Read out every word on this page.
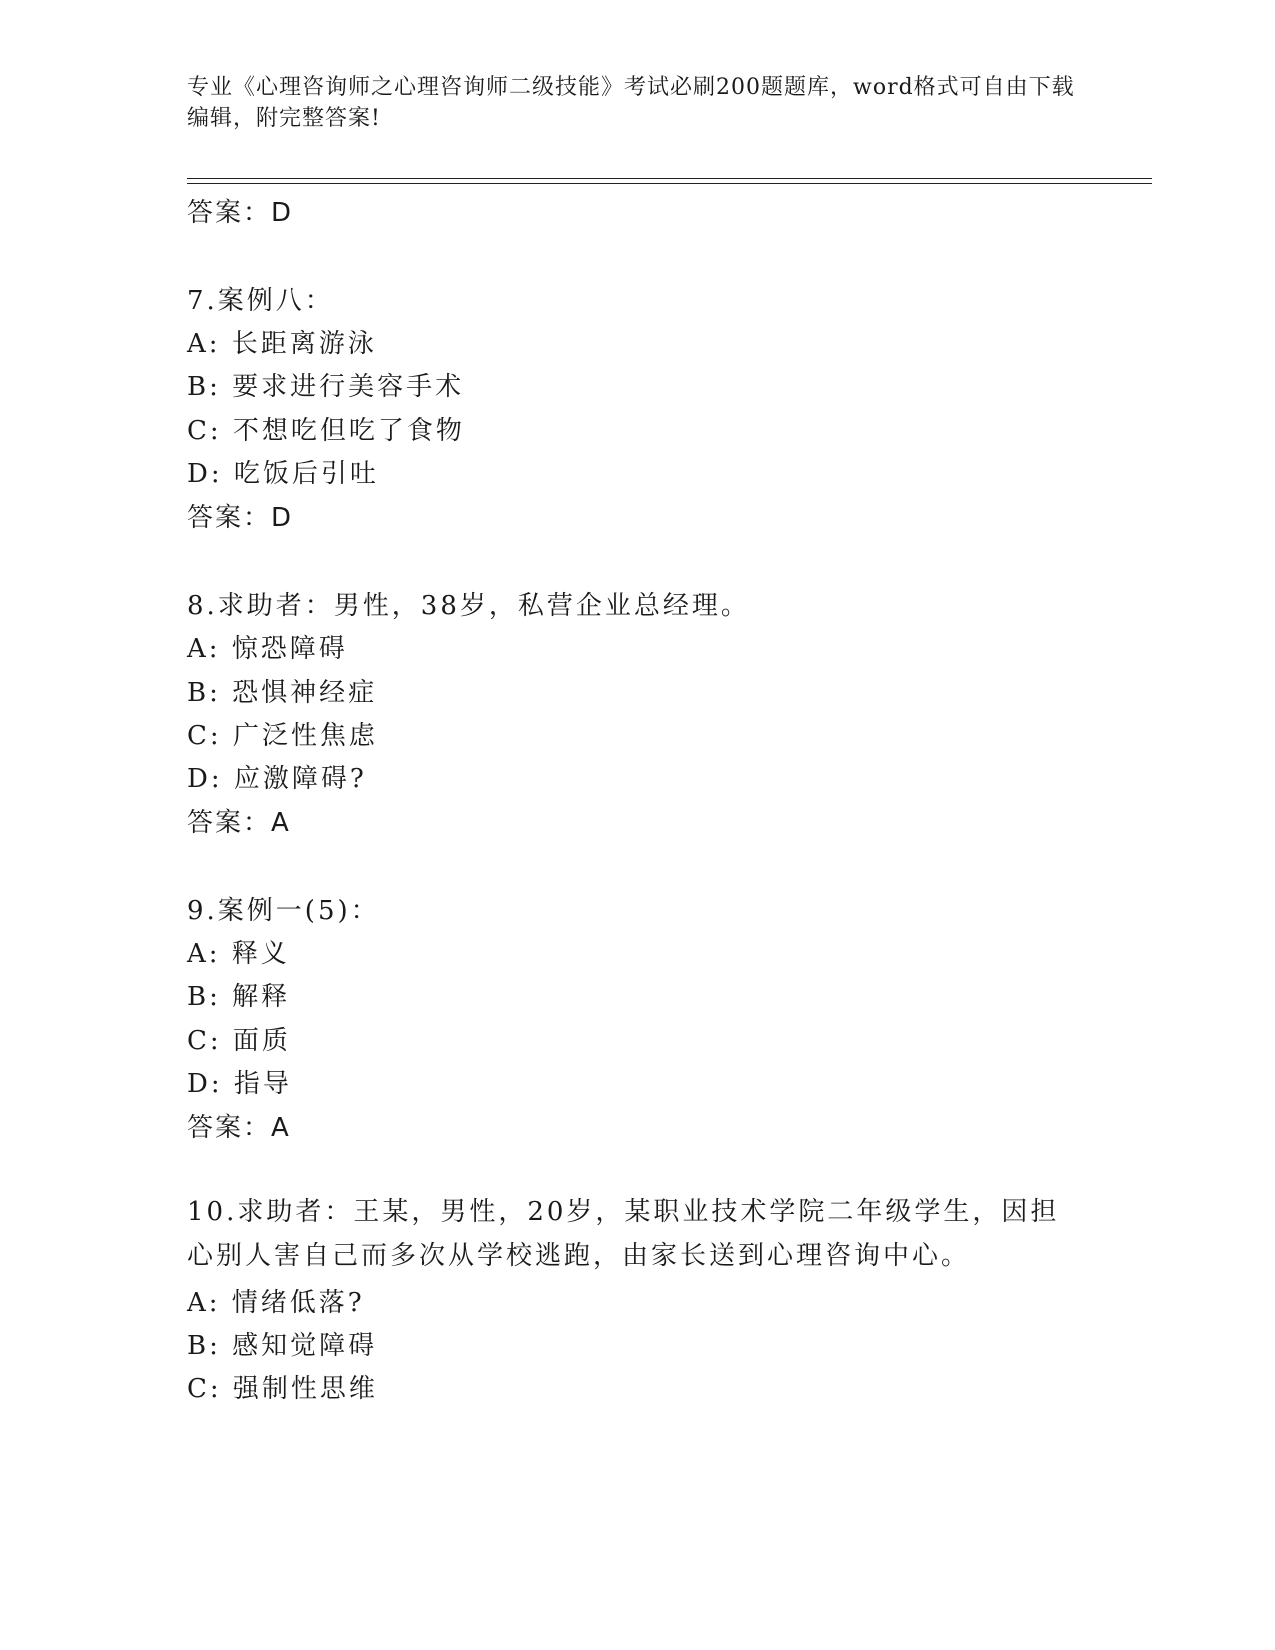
专业《心理咨询师之心理咨询师二级技能》考试必刷200题题库，word格式可自由下载编辑，附完整答案!
答案：D
7.案例八：
A: 长距离游泳
B: 要求进行美容手术
C: 不想吃但吃了食物
D: 吃饭后引吐
答案：D
8.求助者：男性，38岁，私营企业总经理。
A: 惊恐障碍
B: 恐惧神经症
C: 广泛性焦虑
D: 应激障碍?
答案：A
9.案例一(5)：
A: 释义
B: 解释
C: 面质
D: 指导
答案：A
10.求助者：王某，男性，20岁，某职业技术学院二年级学生，因担心别人害自己而多次从学校逃跑，由家长送到心理咨询中心。
A: 情绪低落?
B: 感知觉障碍
C: 强制性思维
